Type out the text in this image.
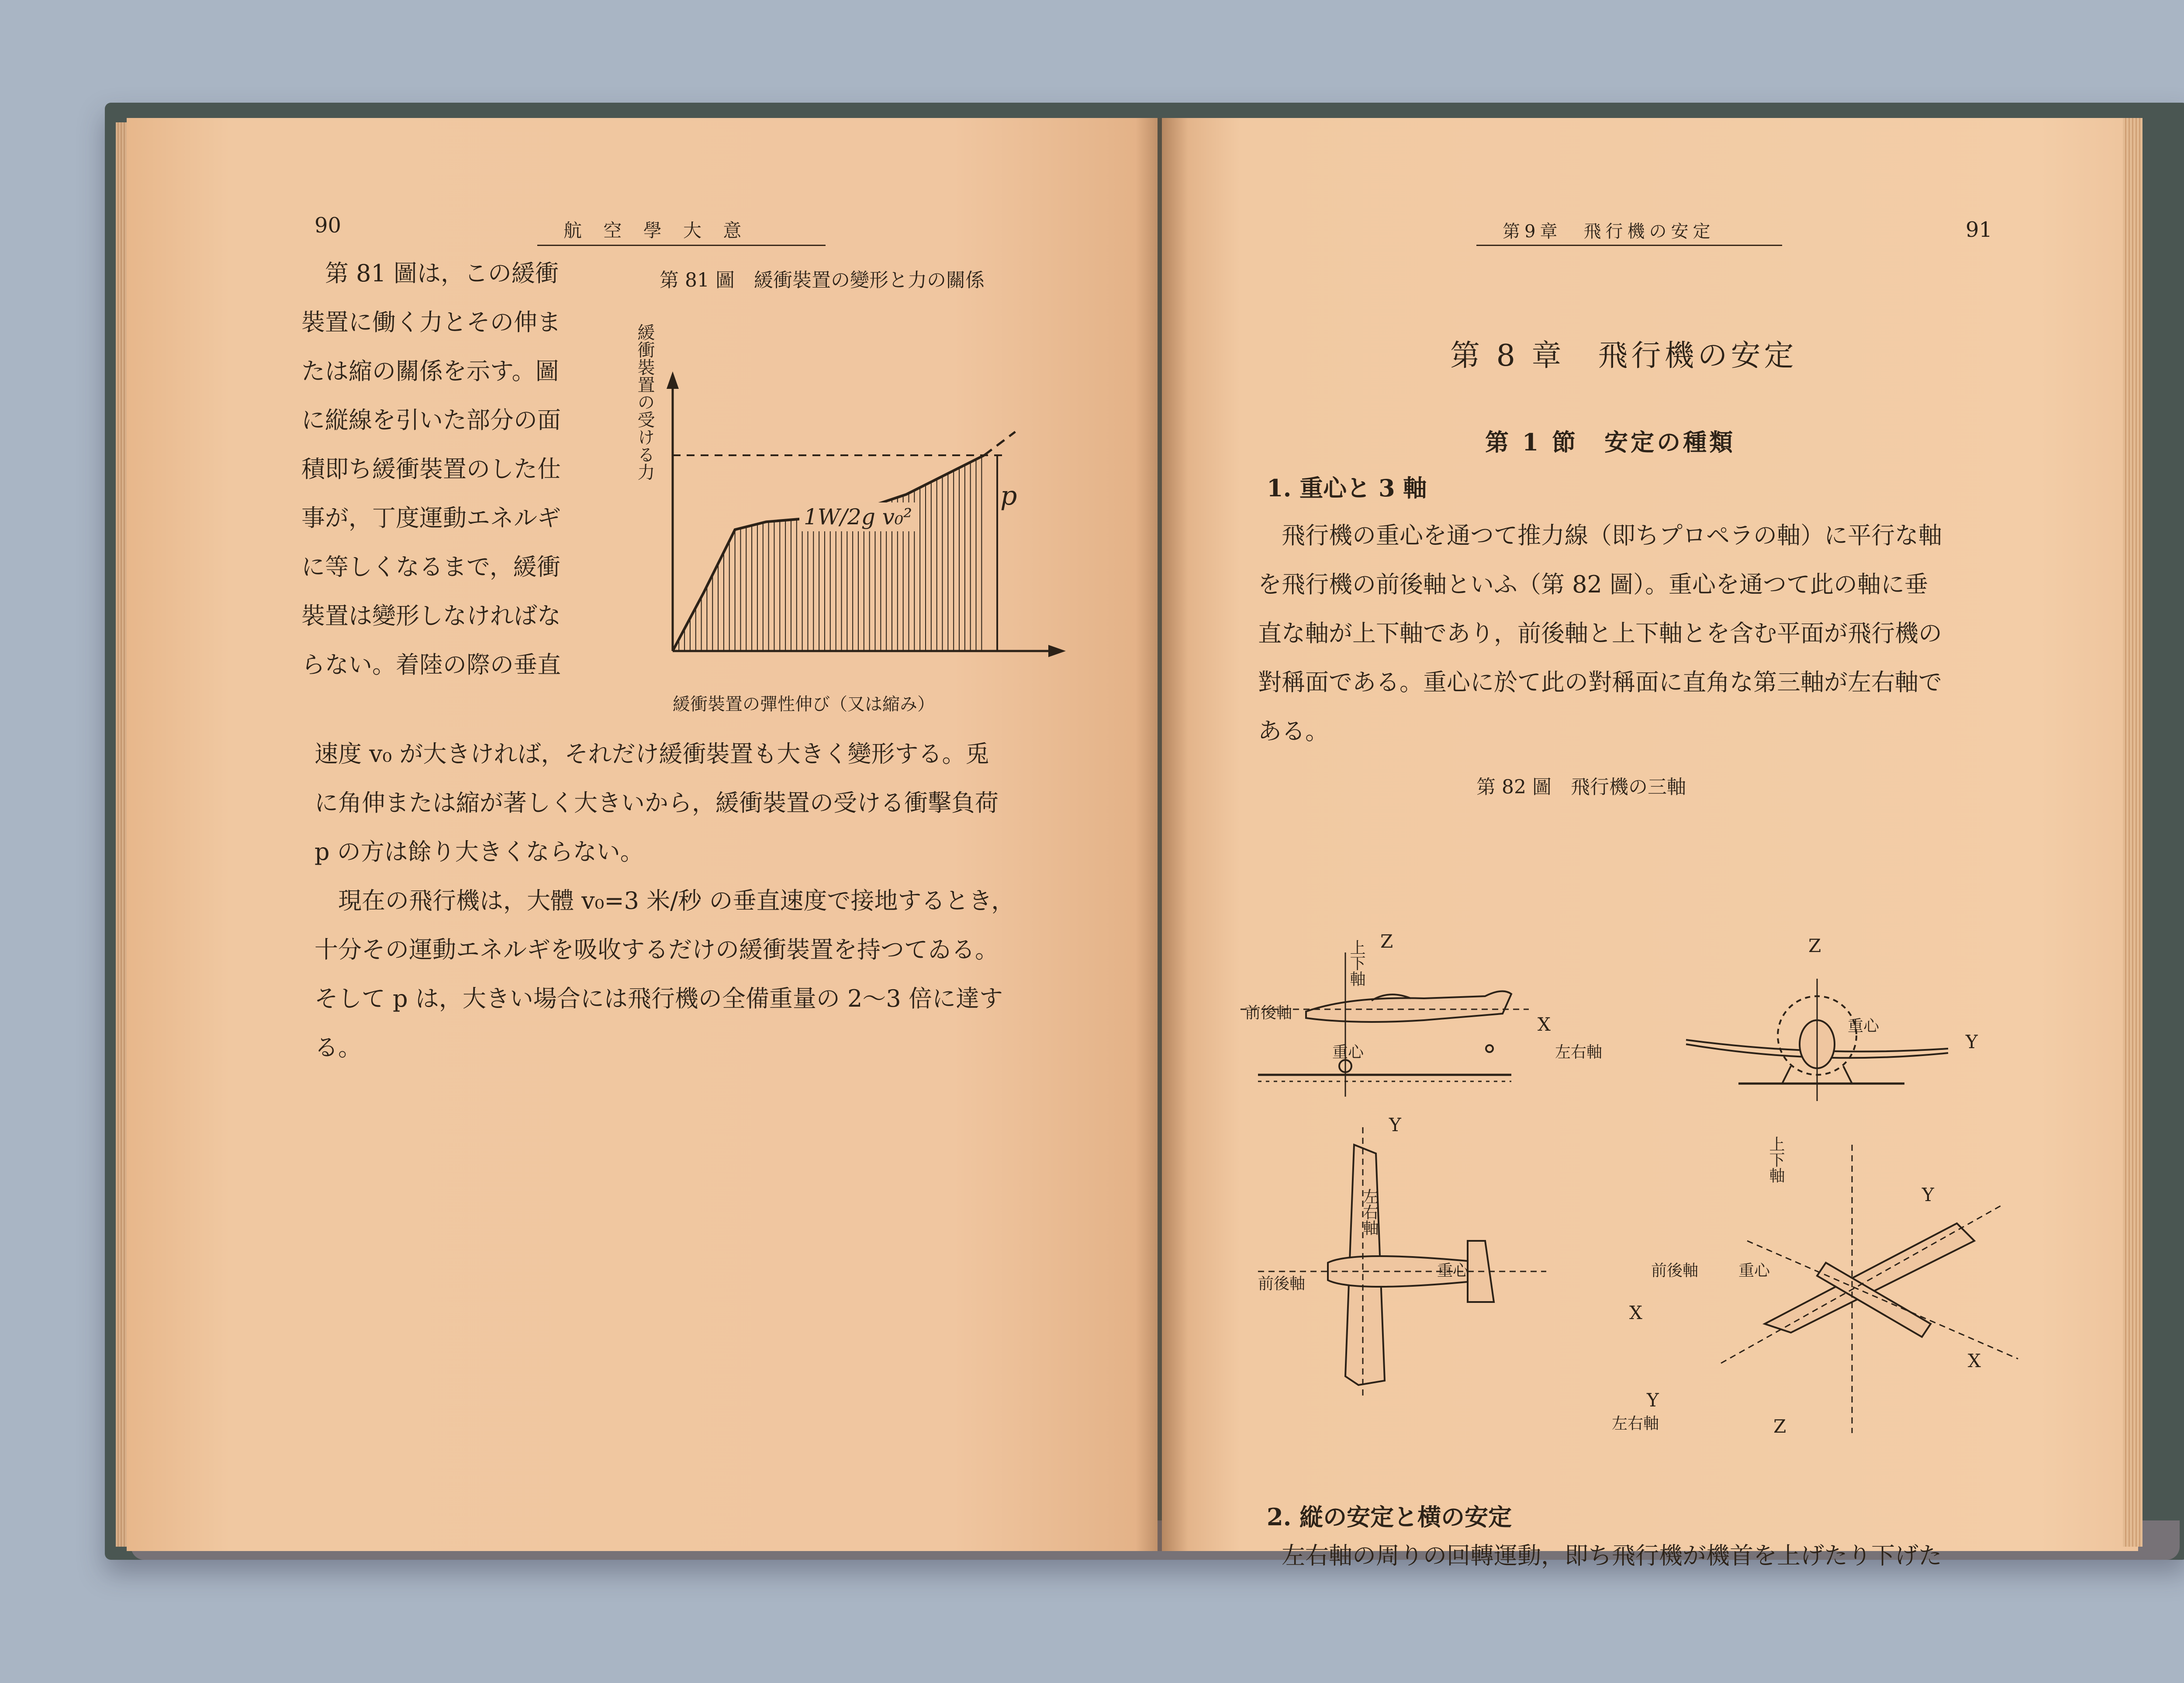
90	航 空 學 大 意

　第 81 圖は，この緩衝

裝置に働く力とその伸ま

たは縮の關係を示す。圖

に縦線を引いた部分の面

積即ち緩衝裝置のした仕

事が，丁度運動エネルギ

に等しくなるまで，緩衝

裝置は變形しなければな

らない。着陸の際の垂直

第 81 圖　緩衝裝置の變形と力の關係
緩衝裝置の受ける力
緩衝裝置の彈性伸び（又は縮み）
1W/2g v₀²
p

速度 v₀ が大きければ，それだけ緩衝裝置も大きく變形する。兎

に角伸または縮が著しく大きいから，緩衝裝置の受ける衝擊負荷

p の方は餘り大きくならない。

　現在の飛行機は，大體 v₀=3 米/秒 の垂直速度で接地するとき，

十分その運動エネルギを吸收するだけの緩衝裝置を持つてゐる。

そして p は，大きい場合には飛行機の全備重量の 2〜3 倍に達す

る。

第9章　飛行機の安定	91
第 8 章　飛行機の安定
第 1 節　安定の種類
1. 重心と 3 軸

　飛行機の重心を通つて推力線（即ちプロペラの軸）に平行な軸

を飛行機の前後軸といふ（第 82 圖）。重心を通つて此の軸に垂

直な軸が上下軸であり，前後軸と上下軸とを含む平面が飛行機の

對稱面である。重心に於て此の對稱面に直角な第三軸が左右軸で

ある。

第 82 圖　飛行機の三軸
前後軸
上下軸 Z
重心
X
左右軸
Z
重心
Y
Y
左右軸
重心
前後軸
X
上下軸
Y
前後軸	重心
X
Y
左右軸	Z
2. 縦の安定と横の安定

　左右軸の周りの回轉運動，即ち飛行機が機首を上げたり下げた
